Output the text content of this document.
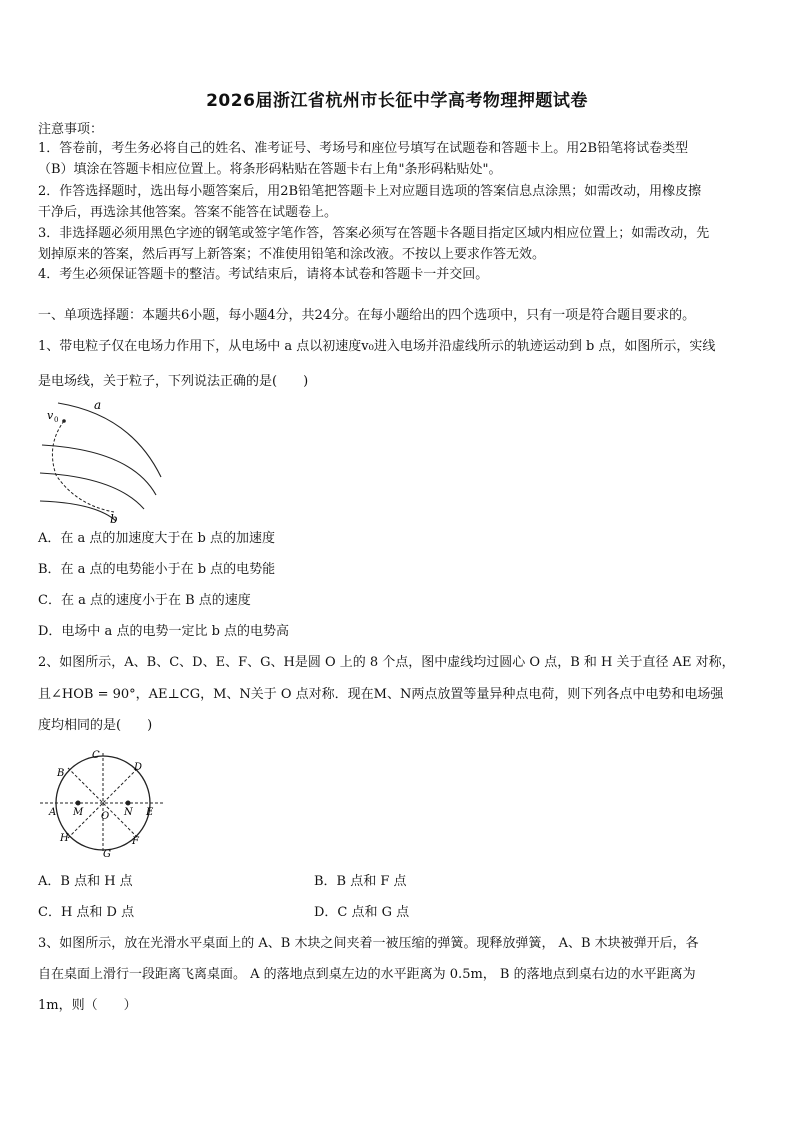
2026届浙江省杭州市长征中学高考物理押题试卷
注意事项：
1．答卷前，考生务必将自己的姓名、准考证号、考场号和座位号填写在试题卷和答题卡上。用2B铅笔将试卷类型
（B）填涂在答题卡相应位置上。将条形码粘贴在答题卡右上角"条形码粘贴处"。
2．作答选择题时，选出每小题答案后，用2B铅笔把答题卡上对应题目选项的答案信息点涂黑；如需改动，用橡皮擦
干净后，再选涂其他答案。答案不能答在试题卷上。
3．非选择题必须用黑色字迹的钢笔或签字笔作答，答案必须写在答题卡各题目指定区域内相应位置上；如需改动，先
划掉原来的答案，然后再写上新答案；不准使用铅笔和涂改液。不按以上要求作答无效。
4．考生必须保证答题卡的整洁。考试结束后，请将本试卷和答题卡一并交回。
一、单项选择题：本题共6小题，每小题4分，共24分。在每小题给出的四个选项中，只有一项是符合题目要求的。
1、带电粒子仅在电场力作用下，从电场中 a 点以初速度v₀进入电场并沿虚线所示的轨迹运动到 b 点，如图所示，实线
是电场线，关于粒子，下列说法正确的是(　　)
v 0
a
b
A．在 a 点的加速度大于在 b 点的加速度
B．在 a 点的电势能小于在 b 点的电势能
C．在 a 点的速度小于在 B 点的速度
D．电场中 a 点的电势一定比 b 点的电势高
2、如图所示，A、B、C、D、E、F、G、H是圆 O 上的 8 个点，图中虚线均过圆心 O 点，B 和 H 关于直径 AE 对称，
且∠HOB = 90°，AE⊥CG，M、N关于 O 点对称．现在M、N两点放置等量异种点电荷，则下列各点中电势和电场强
度均相同的是(　　)
C
D
B
A	E
H	F
G
M	N
O
A．B 点和 H 点	B．B 点和 F 点
C．H 点和 D 点	D．C 点和 G 点
3、如图所示，放在光滑水平桌面上的 A、B 木块之间夹着一被压缩的弹簧。现释放弹簧， A、B 木块被弹开后，各
自在桌面上滑行一段距离飞离桌面。 A 的落地点到桌左边的水平距离为 0.5m， B 的落地点到桌右边的水平距离为
1m，则（　　）
